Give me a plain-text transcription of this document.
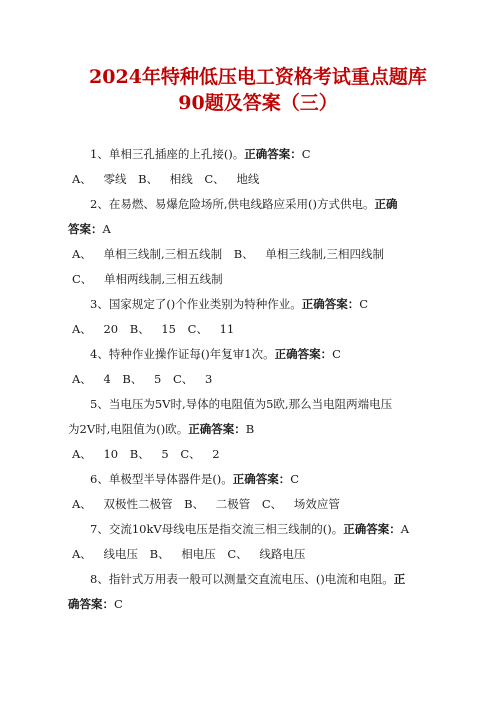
2024年特种低压电工资格考试重点题库
90题及答案（三）
1、单相三孔插座的上孔接()。正确答案：C
A、 零线 B、 相线 C、 地线
2、在易燃、易爆危险场所,供电线路应采用()方式供电。正确
答案：A
A、 单相三线制,三相五线制 B、 单相三线制,三相四线制
C、 单相两线制,三相五线制
3、国家规定了()个作业类别为特种作业。正确答案：C
A、 20 B、 15 C、 11
4、特种作业操作证每()年复审1次。正确答案：C
A、 4 B、 5 C、 3
5、当电压为5V时,导体的电阻值为5欧,那么当电阻两端电压
为2V时,电阻值为()欧。正确答案：B
A、 10 B、 5 C、 2
6、单极型半导体器件是()。正确答案：C
A、 双极性二极管 B、 二极管 C、 场效应管
7、交流10kV母线电压是指交流三相三线制的()。正确答案：A
A、 线电压 B、 相电压 C、 线路电压
8、指针式万用表一般可以测量交直流电压、()电流和电阻。正
确答案：C
